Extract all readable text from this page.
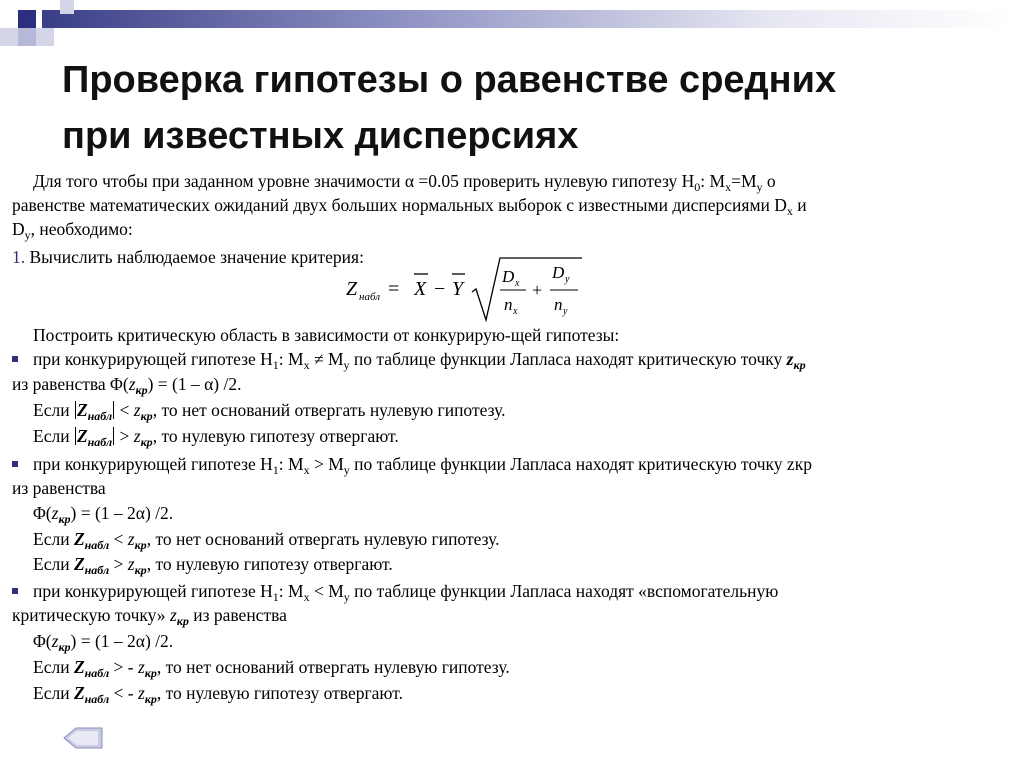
Проверка гипотезы о равенстве средних
при известных дисперсиях
Для того чтобы при заданном уровне значимости α =0.05 проверить нулевую гипотезу $H_0$: $M_x=M_y$ о
равенстве математических ожиданий двух больших нормальных выборок с известными дисперсиями $D_x$ и
$D_y$, необходимо:
1. Вычислить наблюдаемое значение критерия:
Z набл = X − Y
D x
n x
+
D y
n y
Построить критическую область в зависимости от конкурирую-щей гипотезы:
при конкурирующей гипотезе $H_1$: $M_x \ne M_y$ по таблице функции Лапласа находят критическую точку $z_{кр}$
из равенства $\Phi(z_{кр}) = (1 - \alpha)$ /2.
Если $Z_{набл} < z_{кр}$, то нет оснований отвергать нулевую гипотезу.
Если $Z_{набл} > z_{кр}$, то нулевую гипотезу отвергают.
при конкурирующей гипотезе $H_1$: $M_x > M_y$ по таблице функции Лапласа находят критическую точку zкр
из равенства
$\Phi(z_{кр}) = (1 - 2\alpha)$ /2.
Если $Z_{набл} < z_{кр}$, то нет оснований отвергать нулевую гипотезу.
Если $Z_{набл} > z_{кр}$, то нулевую гипотезу отвергают.
при конкурирующей гипотезе $H_1$: $M_x < M_y$ по таблице функции Лапласа находят «вспомогательную
критическую точку» $z_{кр}$ из равенства
$\Phi(z_{кр}) = (1 - 2\alpha)$ /2.
Если $Z_{набл}$ > - $z_{кр}$, то нет оснований отвергать нулевую гипотезу.
Если $Z_{набл}$ < - $z_{кр}$, то нулевую гипотезу отвергают.
